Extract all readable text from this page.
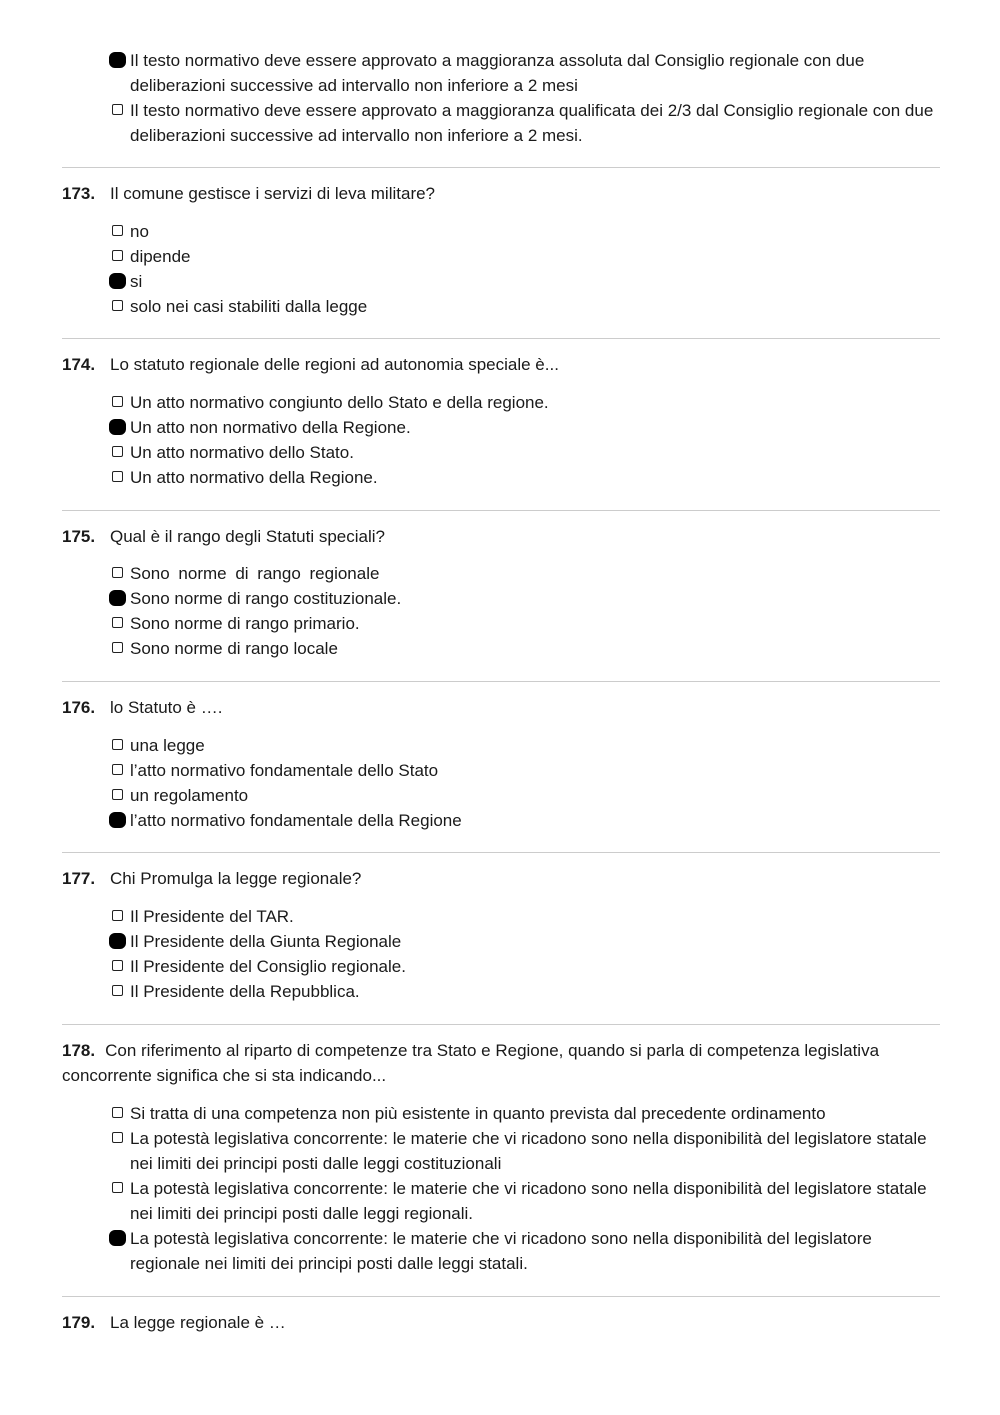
Il testo normativo deve essere approvato a maggioranza assoluta dal Consiglio regionale con due deliberazioni successive ad intervallo non inferiore a 2 mesi
Il testo normativo deve essere approvato a maggioranza qualificata dei 2/3 dal Consiglio regionale con due deliberazioni successive ad intervallo non inferiore a 2 mesi.
173. Il comune gestisce i servizi di leva militare?
no
dipende
si
solo nei casi stabiliti dalla legge
174. Lo statuto regionale delle regioni ad autonomia speciale è...
Un atto normativo congiunto dello Stato e della regione.
Un atto non normativo della Regione.
Un atto normativo dello Stato.
Un atto normativo della Regione.
175. Qual è il rango degli Statuti speciali?
Sono norme di rango regionale
Sono norme di rango costituzionale.
Sono norme di rango primario.
Sono norme di rango locale
176. lo Statuto è ….
una legge
l’atto normativo fondamentale dello Stato
un regolamento
l’atto normativo fondamentale della Regione
177. Chi Promulga la legge regionale?
Il Presidente del TAR.
Il Presidente della Giunta Regionale
Il Presidente del Consiglio regionale.
Il Presidente della Repubblica.
178. Con riferimento al riparto di competenze tra Stato e Regione, quando si parla di competenza legislativa concorrente significa che si sta indicando...
Si tratta di una competenza non più esistente in quanto prevista dal precedente ordinamento
La potestà legislativa concorrente: le materie che vi ricadono sono nella disponibilità del legislatore statale nei limiti dei principi posti dalle leggi costituzionali
La potestà legislativa concorrente: le materie che vi ricadono sono nella disponibilità del legislatore statale nei limiti dei principi posti dalle leggi regionali.
La potestà legislativa concorrente: le materie che vi ricadono sono nella disponibilità del legislatore regionale nei limiti dei principi posti dalle leggi statali.
179. La legge regionale è …
